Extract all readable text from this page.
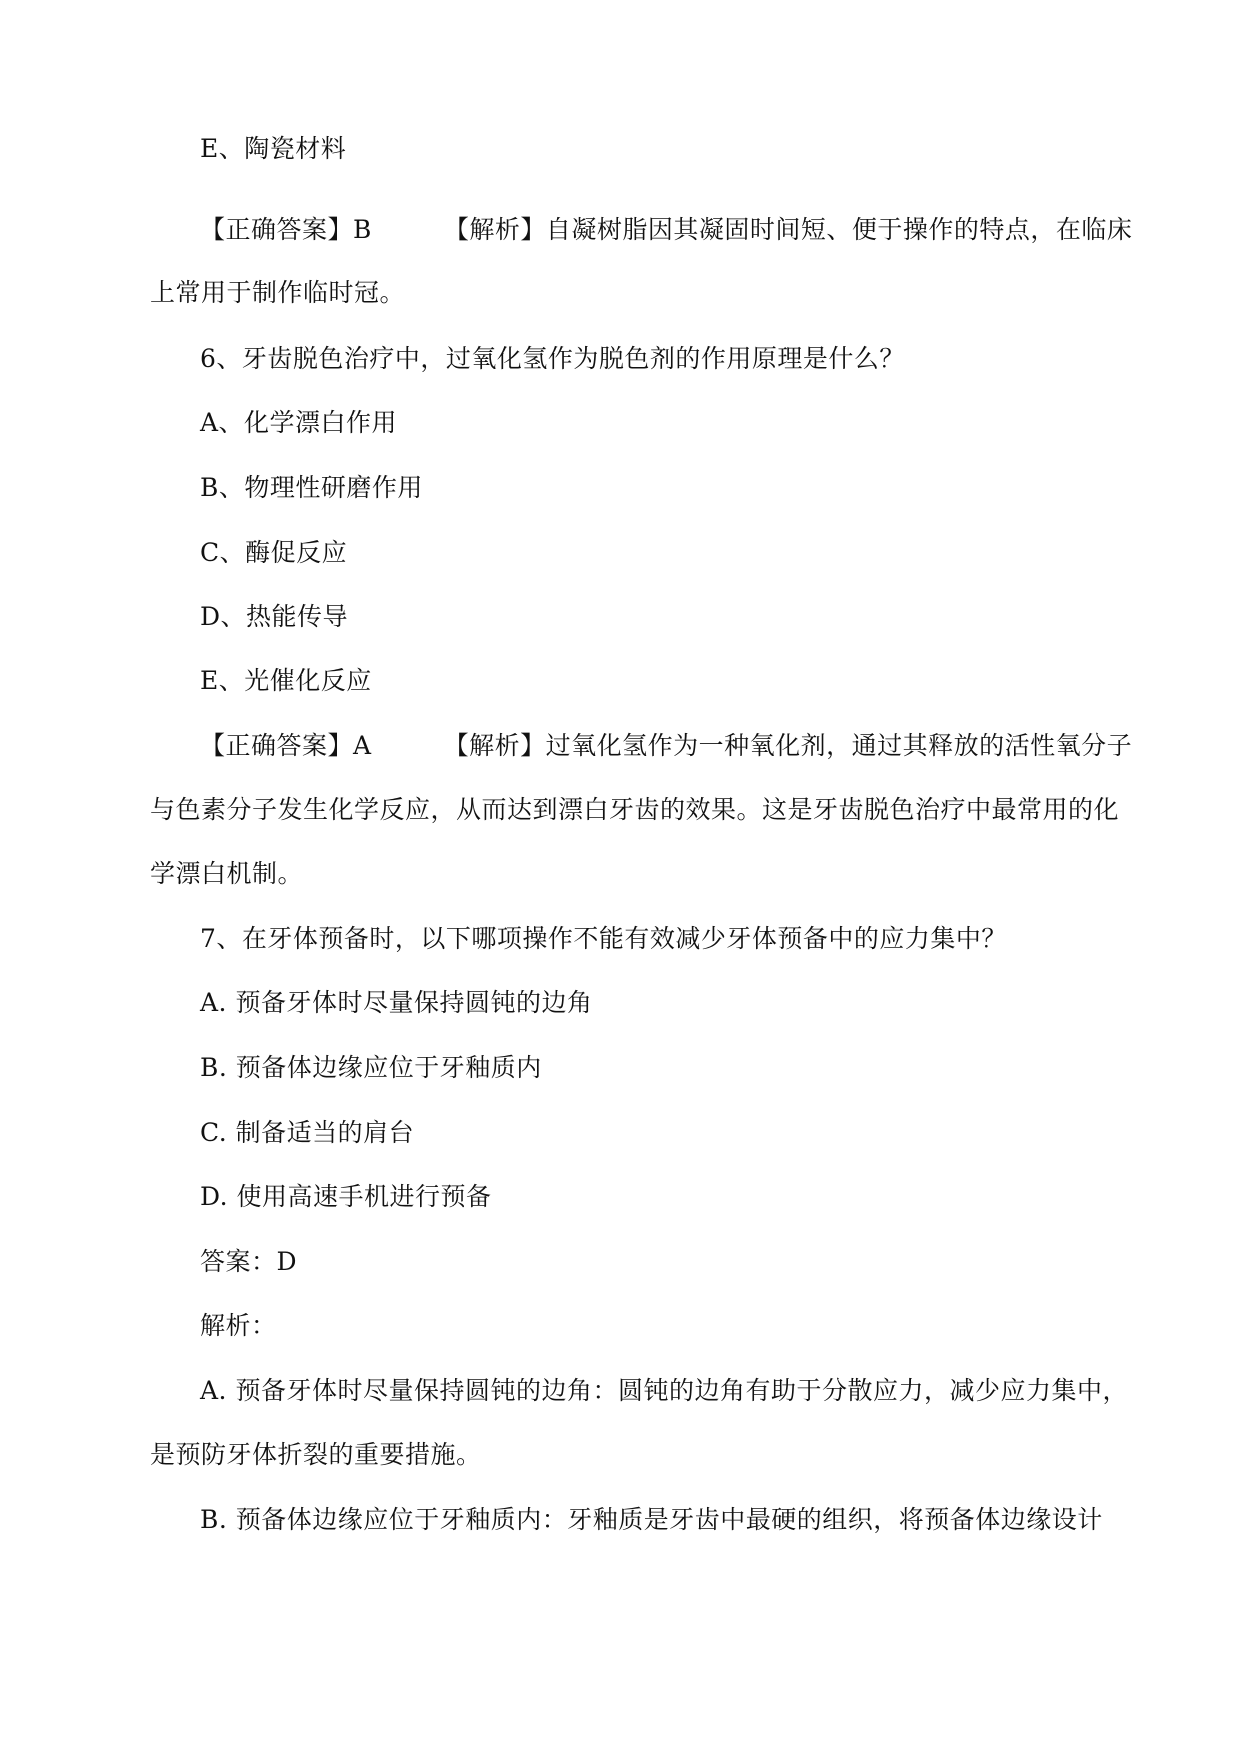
E、陶瓷材料

【正确答案】B	【解析】自凝树脂因其凝固时间短、便于操作的特点，在临床

上常用于制作临时冠。

6、牙齿脱色治疗中，过氧化氢作为脱色剂的作用原理是什么？

A、化学漂白作用

B、物理性研磨作用

C、酶促反应

D、热能传导

E、光催化反应

【正确答案】A	【解析】过氧化氢作为一种氧化剂，通过其释放的活性氧分子

与色素分子发生化学反应，从而达到漂白牙齿的效果。这是牙齿脱色治疗中最常用的化

学漂白机制。

7、在牙体预备时，以下哪项操作不能有效减少牙体预备中的应力集中？

A. 预备牙体时尽量保持圆钝的边角

B. 预备体边缘应位于牙釉质内

C. 制备适当的肩台

D. 使用高速手机进行预备

答案：D

解析：

A. 预备牙体时尽量保持圆钝的边角：圆钝的边角有助于分散应力，减少应力集中，

是预防牙体折裂的重要措施。

B. 预备体边缘应位于牙釉质内：牙釉质是牙齿中最硬的组织，将预备体边缘设计
